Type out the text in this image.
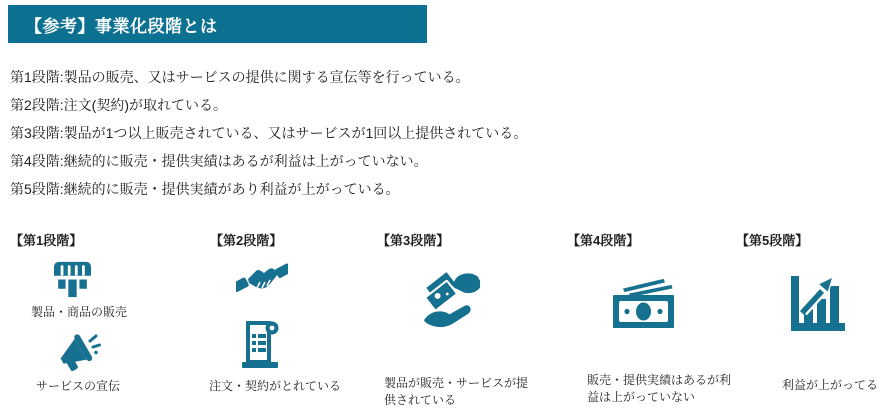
【参考】事業化段階とは
第1段階:製品の販売、又はサービスの提供に関する宣伝等を行っている。
第2段階:注文(契約)が取れている。
第3段階:製品が1つ以上販売されている、又はサービスが1回以上提供されている。
第4段階:継続的に販売・提供実績はあるが利益は上がっていない。
第5段階:継続的に販売・提供実績があり利益が上がっている。
【第1段階】	【第2段階】	【第3段階】	【第4段階】	【第5段階】
製品・商品の販売
サービスの宣伝	注文・契約がとれている	製品が販売・サービスが提供されている
販売・提供実績はあるが利益は上がっていない
利益が上がってる
